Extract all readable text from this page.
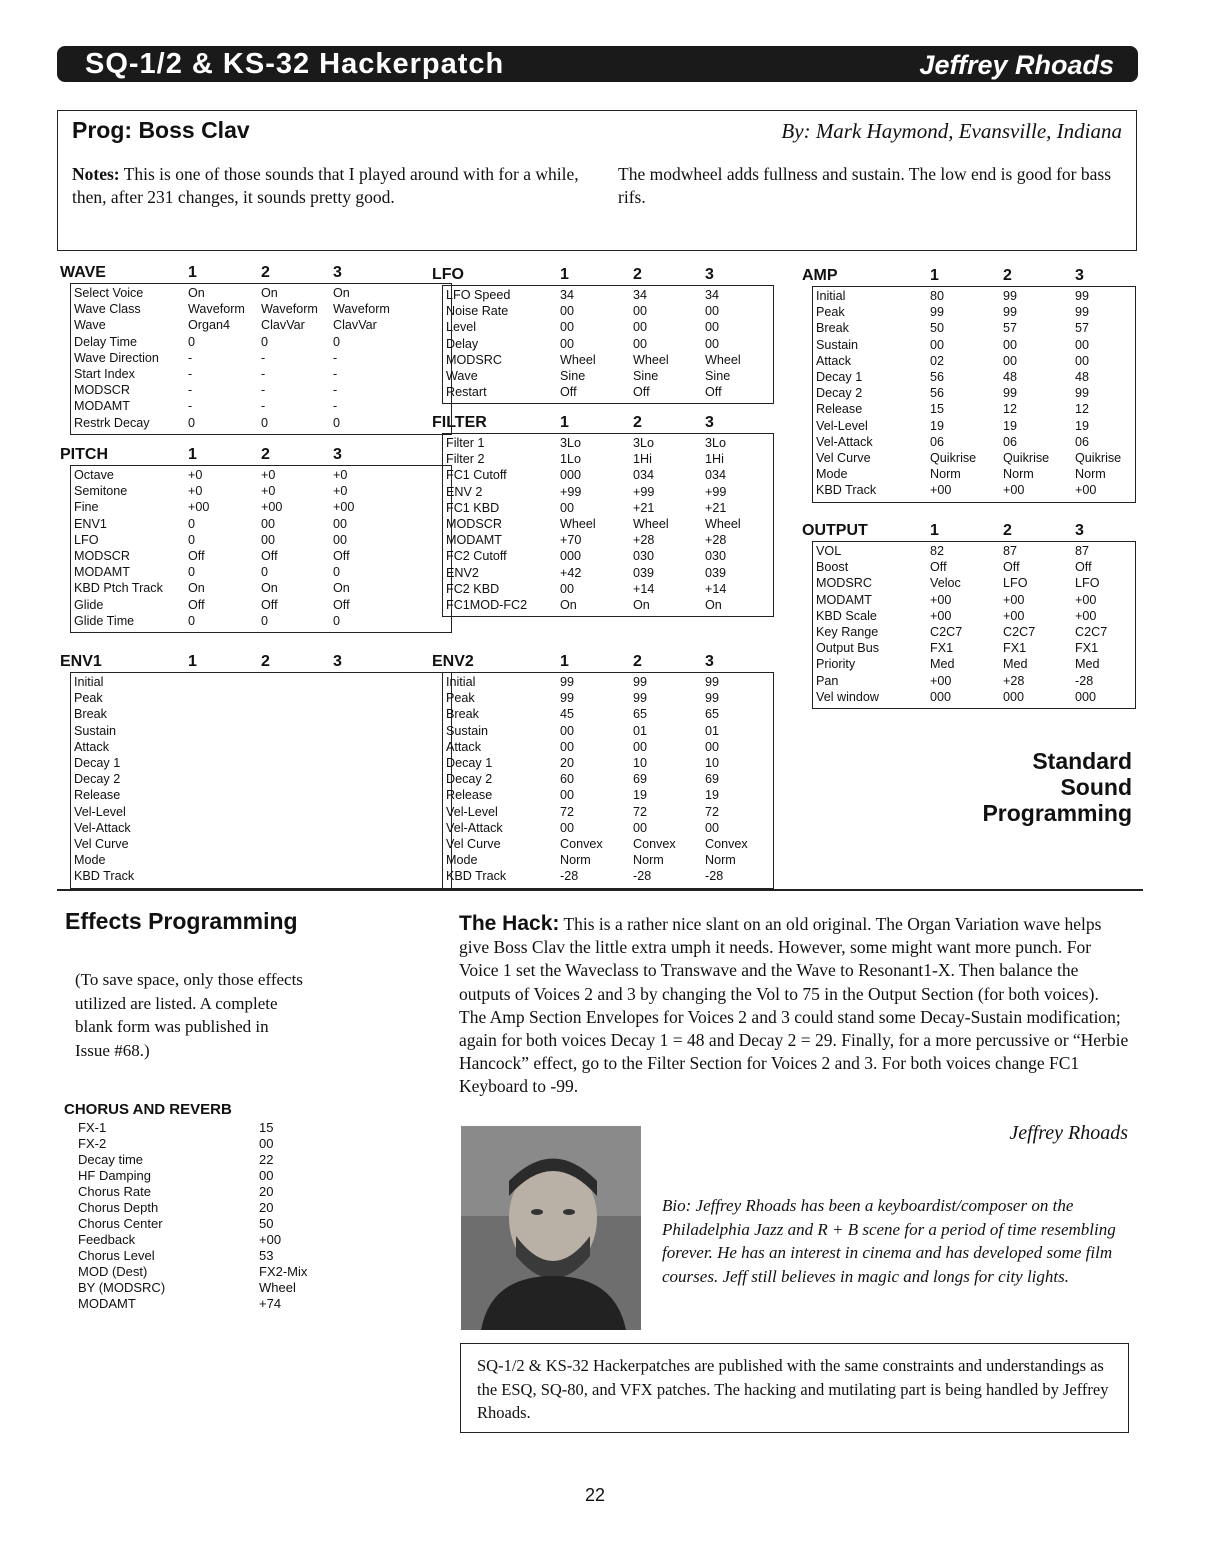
SQ-1/2 & KS-32 Hackerpatch	Jeffrey Rhoads
Prog: Boss Clav	By: Mark Haymond, Evansville, Indiana
Notes: This is one of those sounds that I played around with for a while, then, after 231 changes, it sounds pretty good.
The modwheel adds fullness and sustain. The low end is good for bass rifs.
WAVE	1	2	3
Select Voice	On	On	On
Wave Class	Waveform Waveform Waveform
Wave	Organ4 ClavVar ClavVar
Delay Time	0	0	0
Wave Direction -	-	-
Start Index	-	-	-
MODSCR	-	-	-
MODAMT	-	-	-
Restrk Decay	0	0	0
PITCH	1	2	3
Octave	+0	+0	+0
Semitone	+0	+0	+0
Fine	+00	+00	+00
ENV1	0	00	00
LFO	0	00	00
MODSCR	Off	Off	Off
MODAMT	0	0	0
KBD Ptch Track On	On	On
Glide	Off	Off	Off
Glide Time	0	0	0
ENV1	1	2	3
Initial
Peak
Break
Sustain
Attack
Decay 1
Decay 2
Release
Vel-Level
Vel-Attack
Vel Curve
Mode
KBD Track
LFO	1	2	3
LFO Speed	34	34	34
Noise Rate	00	00	00
Level	00	00	00
Delay	00	00	00
MODSRC	Wheel	Wheel	Wheel
Wave	Sine	Sine	Sine
Restart	Off	Off	Off
FILTER	1	2	3
Filter 1	3Lo	3Lo	3Lo
Filter 2	1Lo	1Hi	1Hi
FC1 Cutoff	000	034	034
ENV 2	+99	+99	+99
FC1 KBD	00	+21	+21
MODSCR	Wheel	Wheel	Wheel
MODAMT	+70	+28	+28
FC2 Cutoff	000	030	030
ENV2	+42	039	039
FC2 KBD	00	+14	+14
FC1MOD-FC2	On	On	On
ENV2	1	2	3
Initial	99	99	99
Peak	99	99	99
Break	45	65	65
Sustain	00	01	01
Attack	00	00	00
Decay 1	20	10	10
Decay 2	60	69	69
Release	00	19	19
Vel-Level	72	72	72
Vel-Attack	00	00	00
Vel Curve	Convex Convex Convex
Mode	Norm	Norm	Norm
KBD Track	-28	-28	-28
AMP	1	2	3
Initial	80	99	99
Peak	99	99	99
Break	50	57	57
Sustain	00	00	00
Attack	02	00	00
Decay 1	56	48	48
Decay 2	56	99	99
Release	15	12	12
Vel-Level	19	19	19
Vel-Attack	06	06	06
Vel Curve	Quikrise Quikrise Quikrise
Mode	Norm	Norm	Norm
KBD Track	+00	+00	+00
OUTPUT	1	2	3
VOL	82	87	87
Boost	Off	Off	Off
MODSRC	Veloc	LFO	LFO
MODAMT	+00	+00	+00
KBD Scale	+00	+00	+00
Key Range	C2C7	C2C7	C2C7
Output Bus	FX1	FX1	FX1
Priority	Med	Med	Med
Pan	+00	+28	-28
Vel window	000	000	000
Standard
Sound
Programming
Effects Programming
(To save space, only those effects utilized are listed. A complete blank form was published in Issue #68.)
CHORUS AND REVERB
FX-1	15
FX-2	00
Decay time	22
HF Damping	00
Chorus Rate	20
Chorus Depth	20
Chorus Center	50
Feedback	+00
Chorus Level	53
MOD (Dest)	FX2-Mix
BY (MODSRC)	Wheel
MODAMT	+74
The Hack: This is a rather nice slant on an old original. The Organ Variation wave helps give Boss Clav the little extra umph it needs. However, some might want more punch. For Voice 1 set the Waveclass to Transwave and the Wave to Resonant1-X. Then balance the outputs of Voices 2 and 3 by changing the Vol to 75 in the Output Section (for both voices). The Amp Section Envelopes for Voices 2 and 3 could stand some Decay-Sustain modification; again for both voices Decay 1 = 48 and Decay 2 = 29. Finally, for a more percussive or “Herbie Hancock” effect, go to the Filter Section for Voices 2 and 3. For both voices change FC1 Keyboard to -99.
Jeffrey Rhoads
Bio: Jeffrey Rhoads has been a keyboardist/composer on the Philadelphia Jazz and R + B scene for a period of time resembling forever. He has an interest in cinema and has developed some film courses. Jeff still believes in magic and longs for city lights.
SQ-1/2 & KS-32 Hackerpatches are published with the same constraints and understandings as the ESQ, SQ-80, and VFX patches. The hacking and mutilating part is being handled by Jeffrey Rhoads.
22
